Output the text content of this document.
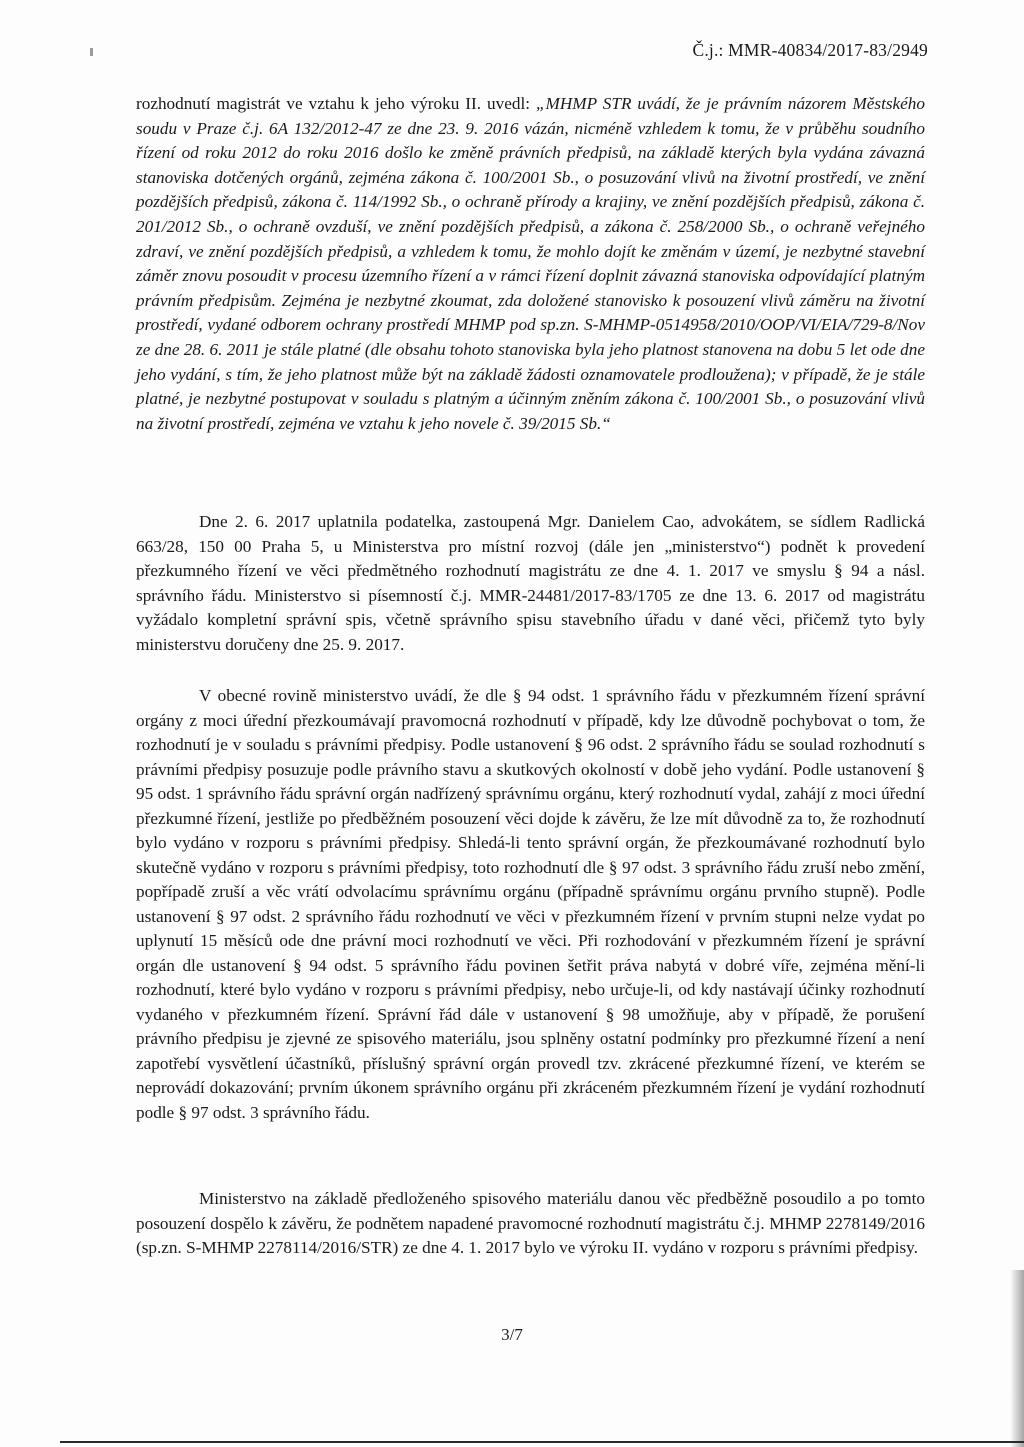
Č.j.: MMR-40834/2017-83/2949
rozhodnutí magistrát ve vztahu k jeho výroku II. uvedl: „MHMP STR uvádí, že je právním názorem Městského soudu v Praze č.j. 6A 132/2012-47 ze dne 23. 9. 2016 vázán, nicméně vzhledem k tomu, že v průběhu soudního řízení od roku 2012 do roku 2016 došlo ke změně právních předpisů, na základě kterých byla vydána závazná stanoviska dotčených orgánů, zejména zákona č. 100/2001 Sb., o posuzování vlivů na životní prostředí, ve znění pozdějších předpisů, zákona č. 114/1992 Sb., o ochraně přírody a krajiny, ve znění pozdějších předpisů, zákona č. 201/2012 Sb., o ochraně ovzduší, ve znění pozdějších předpisů, a zákona č. 258/2000 Sb., o ochraně veřejného zdraví, ve znění pozdějších předpisů, a vzhledem k tomu, že mohlo dojít ke změnám v území, je nezbytné stavební záměr znovu posoudit v procesu územního řízení a v rámci řízení doplnit závazná stanoviska odpovídající platným právním předpisům. Zejména je nezbytné zkoumat, zda doložené stanovisko k posouzení vlivů záměru na životní prostředí, vydané odborem ochrany prostředí MHMP pod sp.zn. S-MHMP-0514958/2010/OOP/VI/EIA/729-8/Nov ze dne 28. 6. 2011 je stále platné (dle obsahu tohoto stanoviska byla jeho platnost stanovena na dobu 5 let ode dne jeho vydání, s tím, že jeho platnost může být na základě žádosti oznamovatele prodloužena); v případě, že je stále platné, je nezbytné postupovat v souladu s platným a účinným zněním zákona č. 100/2001 Sb., o posuzování vlivů na životní prostředí, zejména ve vztahu k jeho novele č. 39/2015 Sb.“
Dne 2. 6. 2017 uplatnila podatelka, zastoupená Mgr. Danielem Cao, advokátem, se sídlem Radlická 663/28, 150 00 Praha 5, u Ministerstva pro místní rozvoj (dále jen „ministerstvo“) podnět k provedení přezkumného řízení ve věci předmětného rozhodnutí magistrátu ze dne 4. 1. 2017 ve smyslu § 94 a násl. správního řádu. Ministerstvo si písemností č.j. MMR-24481/2017-83/1705 ze dne 13. 6. 2017 od magistrátu vyžádalo kompletní správní spis, včetně správního spisu stavebního úřadu v dané věci, přičemž tyto byly ministerstvu doručeny dne 25. 9. 2017.
V obecné rovině ministerstvo uvádí, že dle § 94 odst. 1 správního řádu v přezkumném řízení správní orgány z moci úřední přezkoumávají pravomocná rozhodnutí v případě, kdy lze důvodně pochybovat o tom, že rozhodnutí je v souladu s právními předpisy. Podle ustanovení § 96 odst. 2 správního řádu se soulad rozhodnutí s právními předpisy posuzuje podle právního stavu a skutkových okolností v době jeho vydání. Podle ustanovení § 95 odst. 1 správního řádu správní orgán nadřízený správnímu orgánu, který rozhodnutí vydal, zahájí z moci úřední přezkumné řízení, jestliže po předběžném posouzení věci dojde k závěru, že lze mít důvodně za to, že rozhodnutí bylo vydáno v rozporu s právními předpisy. Shledá-li tento správní orgán, že přezkoumávané rozhodnutí bylo skutečně vydáno v rozporu s právními předpisy, toto rozhodnutí dle § 97 odst. 3 správního řádu zruší nebo změní, popřípadě zruší a věc vrátí odvolacímu správnímu orgánu (případně správnímu orgánu prvního stupně). Podle ustanovení § 97 odst. 2 správního řádu rozhodnutí ve věci v přezkumném řízení v prvním stupni nelze vydat po uplynutí 15 měsíců ode dne právní moci rozhodnutí ve věci. Při rozhodování v přezkumném řízení je správní orgán dle ustanovení § 94 odst. 5 správního řádu povinen šetřit práva nabytá v dobré víře, zejména mění-li rozhodnutí, které bylo vydáno v rozporu s právními předpisy, nebo určuje-li, od kdy nastávají účinky rozhodnutí vydaného v přezkumném řízení. Správní řád dále v ustanovení § 98 umožňuje, aby v případě, že porušení právního předpisu je zjevné ze spisového materiálu, jsou splněny ostatní podmínky pro přezkumné řízení a není zapotřebí vysvětlení účastníků, příslušný správní orgán provedl tzv. zkrácené přezkumné řízení, ve kterém se neprovádí dokazování; prvním úkonem správního orgánu při zkráceném přezkumném řízení je vydání rozhodnutí podle § 97 odst. 3 správního řádu.
Ministerstvo na základě předloženého spisového materiálu danou věc předběžně posoudilo a po tomto posouzení dospělo k závěru, že podnětem napadené pravomocné rozhodnutí magistrátu č.j. MHMP 2278149/2016 (sp.zn. S-MHMP 2278114/2016/STR) ze dne 4. 1. 2017 bylo ve výroku II. vydáno v rozporu s právními předpisy.
3/7
